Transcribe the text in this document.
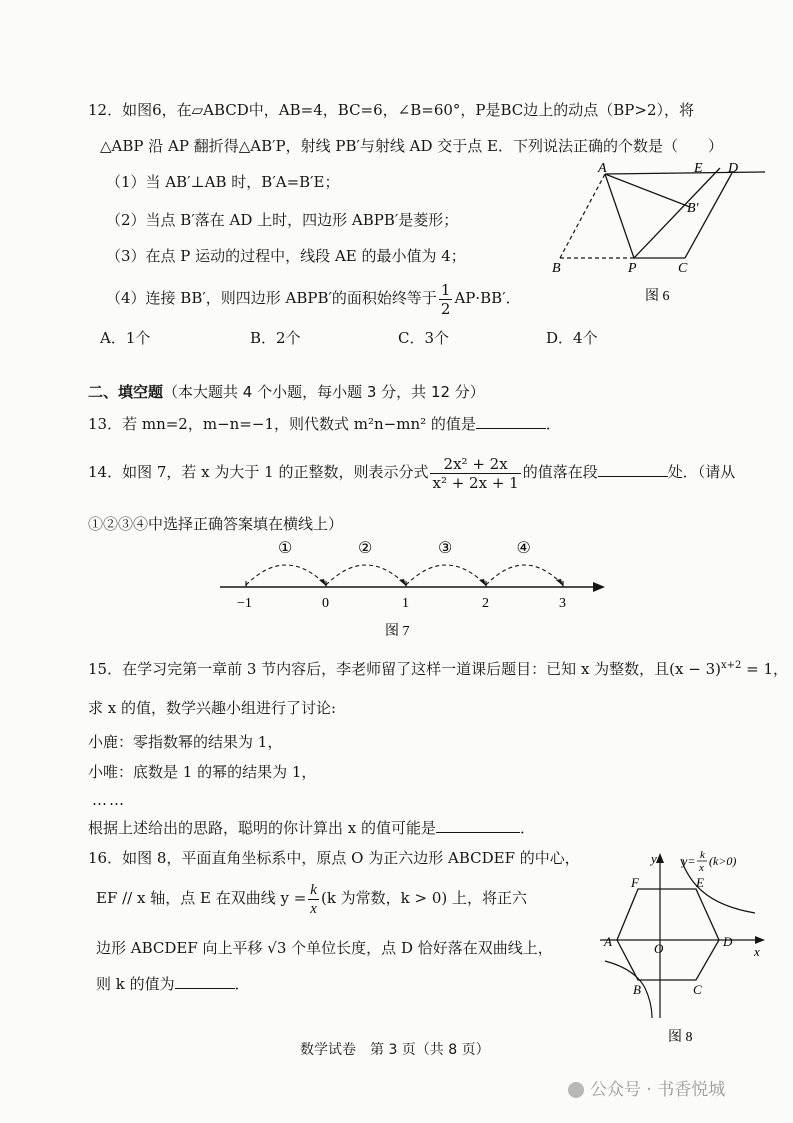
12．如图6，在▱ABCD中，AB=4，BC=6，∠B=60°，P是BC边上的动点（BP>2），将
△ABP 沿 AP 翻折得△AB′P，射线 PB′与射线 AD 交于点 E．下列说法正确的个数是（　　）
（1）当 AB′⊥AB 时，B′A=B′E；
（2）当点 B′落在 AD 上时，四边形 ABPB′是菱形；
（3）在点 P 运动的过程中，线段 AE 的最小值为 4；
（4）连接 BB′，则四边形 ABPB′的面积始终等于 $\frac{1}{2} AP\cdot BB'$．
A．1个	B．2个	C．3个	D．4个
A	E D
B′
B	P	C
图 6
二、填空题（本大题共 4 个小题，每小题 3 分，共 12 分）
13．若 mn=2，m−n=−1，则代数式 m²n−mn² 的值是	．
14．如图 7，若 x 为大于 1 的正整数，则表示分式 $\frac{\text{2x² + 2x}}{\text{x² + 2x + 1}}$ 的值落在段	处．（请从
①②③④中选择正确答案填在横线上）
−1	0	1	2	3
①	②	③	④
图 7
15．在学习完第一章前 3 节内容后，李老师留了这样一道课后题目：已知 x 为整数，且$(x - 3)^{x+2} = 1$，
求 x 的值，数学兴趣小组进行了讨论:
小鹿：零指数幂的结果为 1，
小唯：底数是 1 的幂的结果为 1，
……
根据上述给出的思路，聪明的你计算出 x 的值可能是	．
16．如图 8，平面直角坐标系中，原点 O 为正六边形 ABCDEF 的中心，
EF // x 轴，点 E 在双曲线 $y = \frac{k}{x} (k$ 为常数，k > 0) 上，将正六
边形 ABCDEF 向上平移 √3 个单位长度，点 D 恰好落在双曲线上，
则 k 的值为	．
y
x
O
A
B	C
D
E
F
y= k
x (k>0)
图 8
数学试卷　第 3 页（共 8 页）
公众号 · 书香悦城
